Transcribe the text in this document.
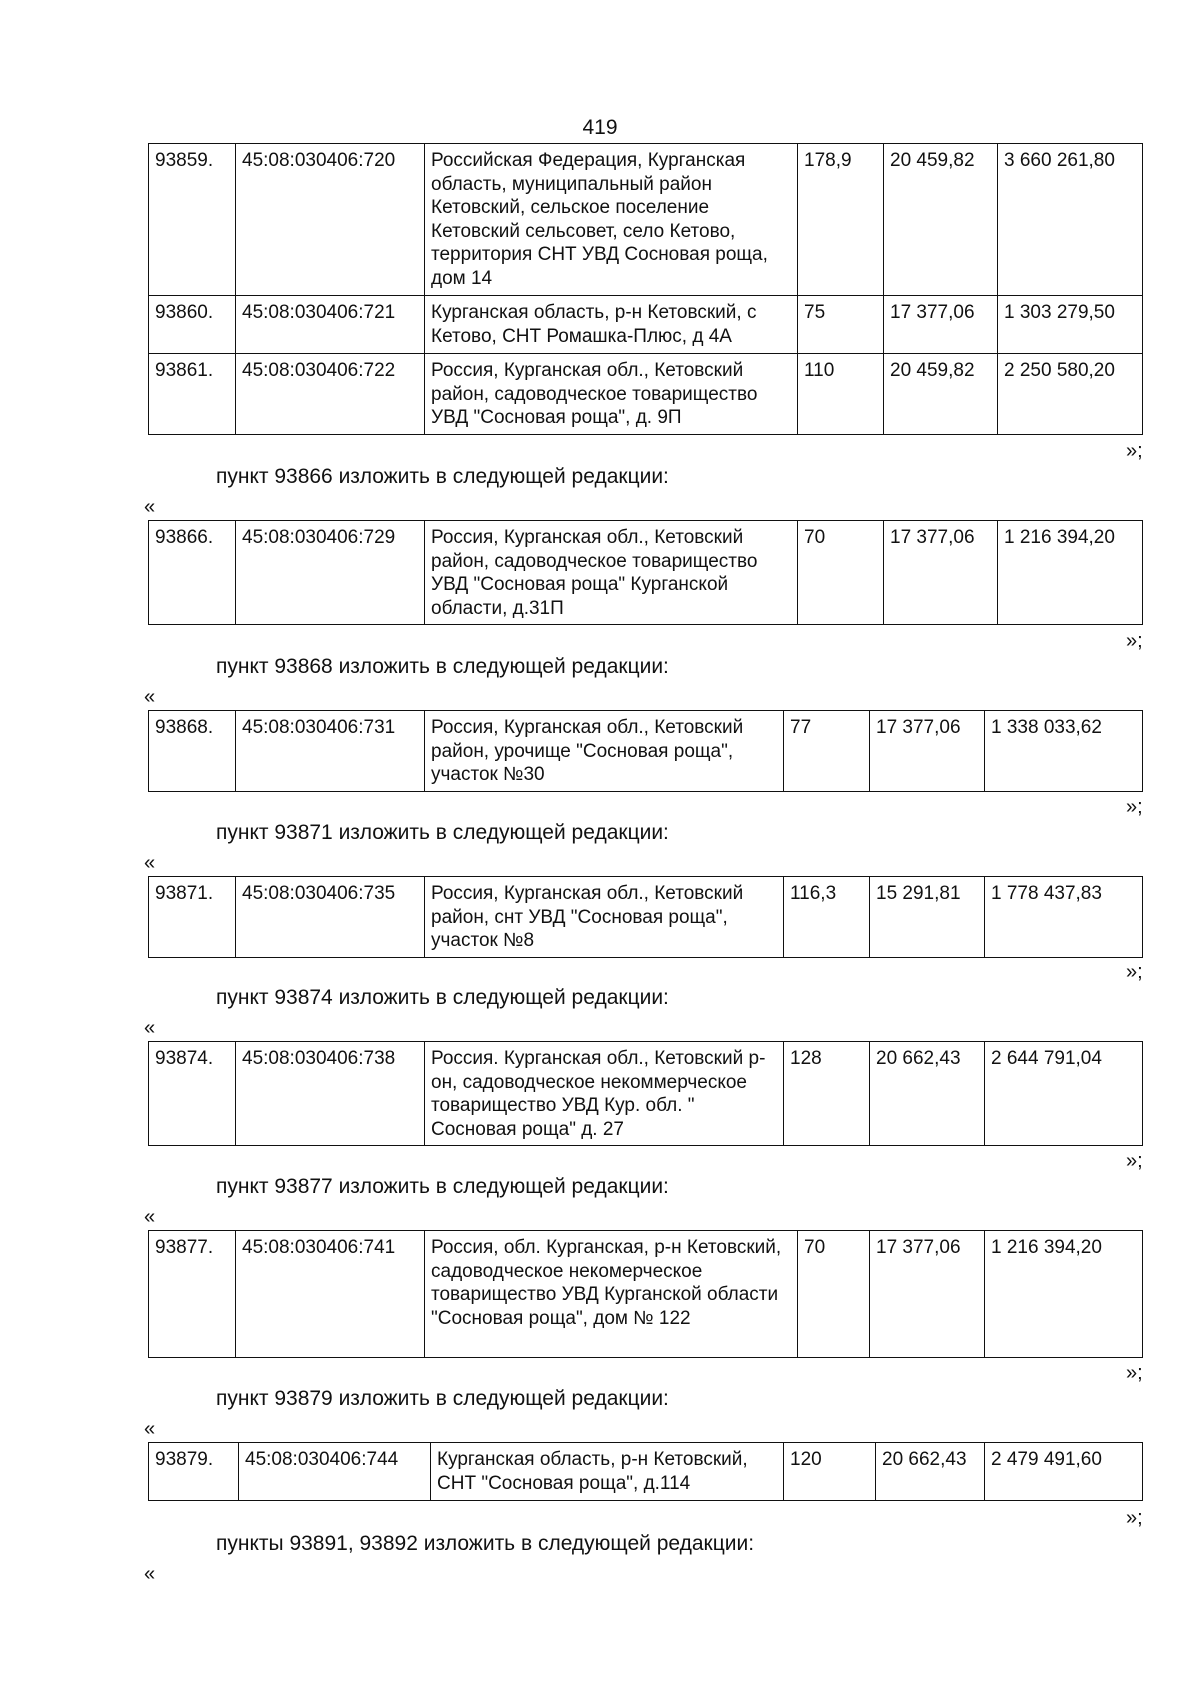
419
93859.	45:08:030406:720	Российская Федерация, Курганская область, муниципальный район Кетовский, сельское поселение Кетовский сельсовет, село Кетово, территория СНТ УВД Сосновая роща, дом 14	178,9	20 459,82	3 660 261,80
93860.	45:08:030406:721	Курганская область, р-н Кетовский, с Кетово, СНТ Ромашка-Плюс, д 4А	75	17 377,06	1 303 279,50
93861.	45:08:030406:722	Россия, Курганская обл., Кетовский район, садоводческое товарищество УВД "Сосновая роща", д. 9П	110	20 459,82	2 250 580,20
»;
пункт 93866 изложить в следующей редакции:
«
93866.	45:08:030406:729	Россия, Курганская обл., Кетовский район, садоводческое товарищество УВД "Сосновая роща" Курганской области, д.31П	70	17 377,06	1 216 394,20
»;
пункт 93868 изложить в следующей редакции:
«
93868.	45:08:030406:731	Россия, Курганская обл., Кетовский район, урочище "Сосновая роща", участок №30	77	17 377,06	1 338 033,62
»;
пункт 93871 изложить в следующей редакции:
«
93871.	45:08:030406:735	Россия, Курганская обл., Кетовский район, снт УВД "Сосновая роща", участок №8	116,3	15 291,81	1 778 437,83
»;
пункт 93874 изложить в следующей редакции:
«
93874.	45:08:030406:738	Россия. Курганская обл., Кетовский р-он, садоводческое некоммерческое товарищество УВД Кур. обл. " Сосновая роща" д. 27	128	20 662,43	2 644 791,04
»;
пункт 93877 изложить в следующей редакции:
«
93877.	45:08:030406:741	Россия, обл. Курганская, р-н Кетовский, садоводческое некомерческое товарищество УВД Курганской области "Сосновая роща", дом № 122	70	17 377,06	1 216 394,20
»;
пункт 93879 изложить в следующей редакции:
«
93879.	45:08:030406:744	Курганская область, р-н Кетовский, СНТ "Сосновая роща", д.114	120	20 662,43	2 479 491,60
»;
пункты 93891, 93892 изложить в следующей редакции:
«
